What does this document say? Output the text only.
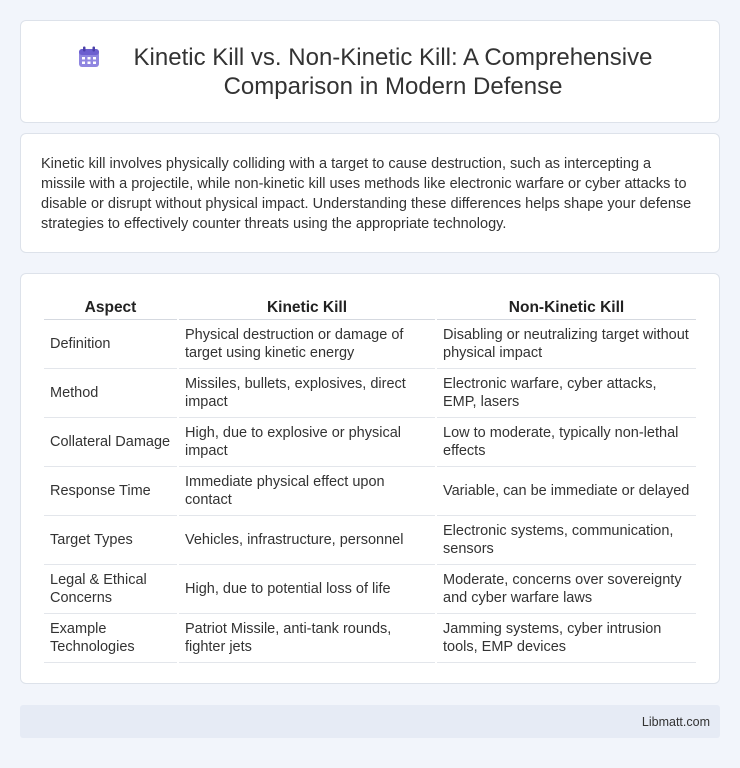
Kinetic Kill vs. Non-Kinetic Kill: A Comprehensive Comparison in Modern Defense

Kinetic kill involves physically colliding with a target to cause destruction, such as intercepting a missile with a projectile, while non-kinetic kill uses methods like electronic warfare or cyber attacks to disable or disrupt without physical impact. Understanding these differences helps shape your defense strategies to effectively counter threats using the appropriate technology.

Aspect	Kinetic Kill	Non-Kinetic Kill
Definition	Physical destruction or damage of target using kinetic energy	Disabling or neutralizing target without physical impact
Method	Missiles, bullets, explosives, direct impact	Electronic warfare, cyber attacks, EMP, lasers
Collateral Damage	High, due to explosive or physical impact	Low to moderate, typically non-lethal effects
Response Time	Immediate physical effect upon contact	Variable, can be immediate or delayed
Target Types	Vehicles, infrastructure, personnel	Electronic systems, communication, sensors
Legal & Ethical Concerns	High, due to potential loss of life	Moderate, concerns over sovereignty and cyber warfare laws
Example Technologies	Patriot Missile, anti-tank rounds, fighter jets	Jamming systems, cyber intrusion tools, EMP devices
Libmatt.com
